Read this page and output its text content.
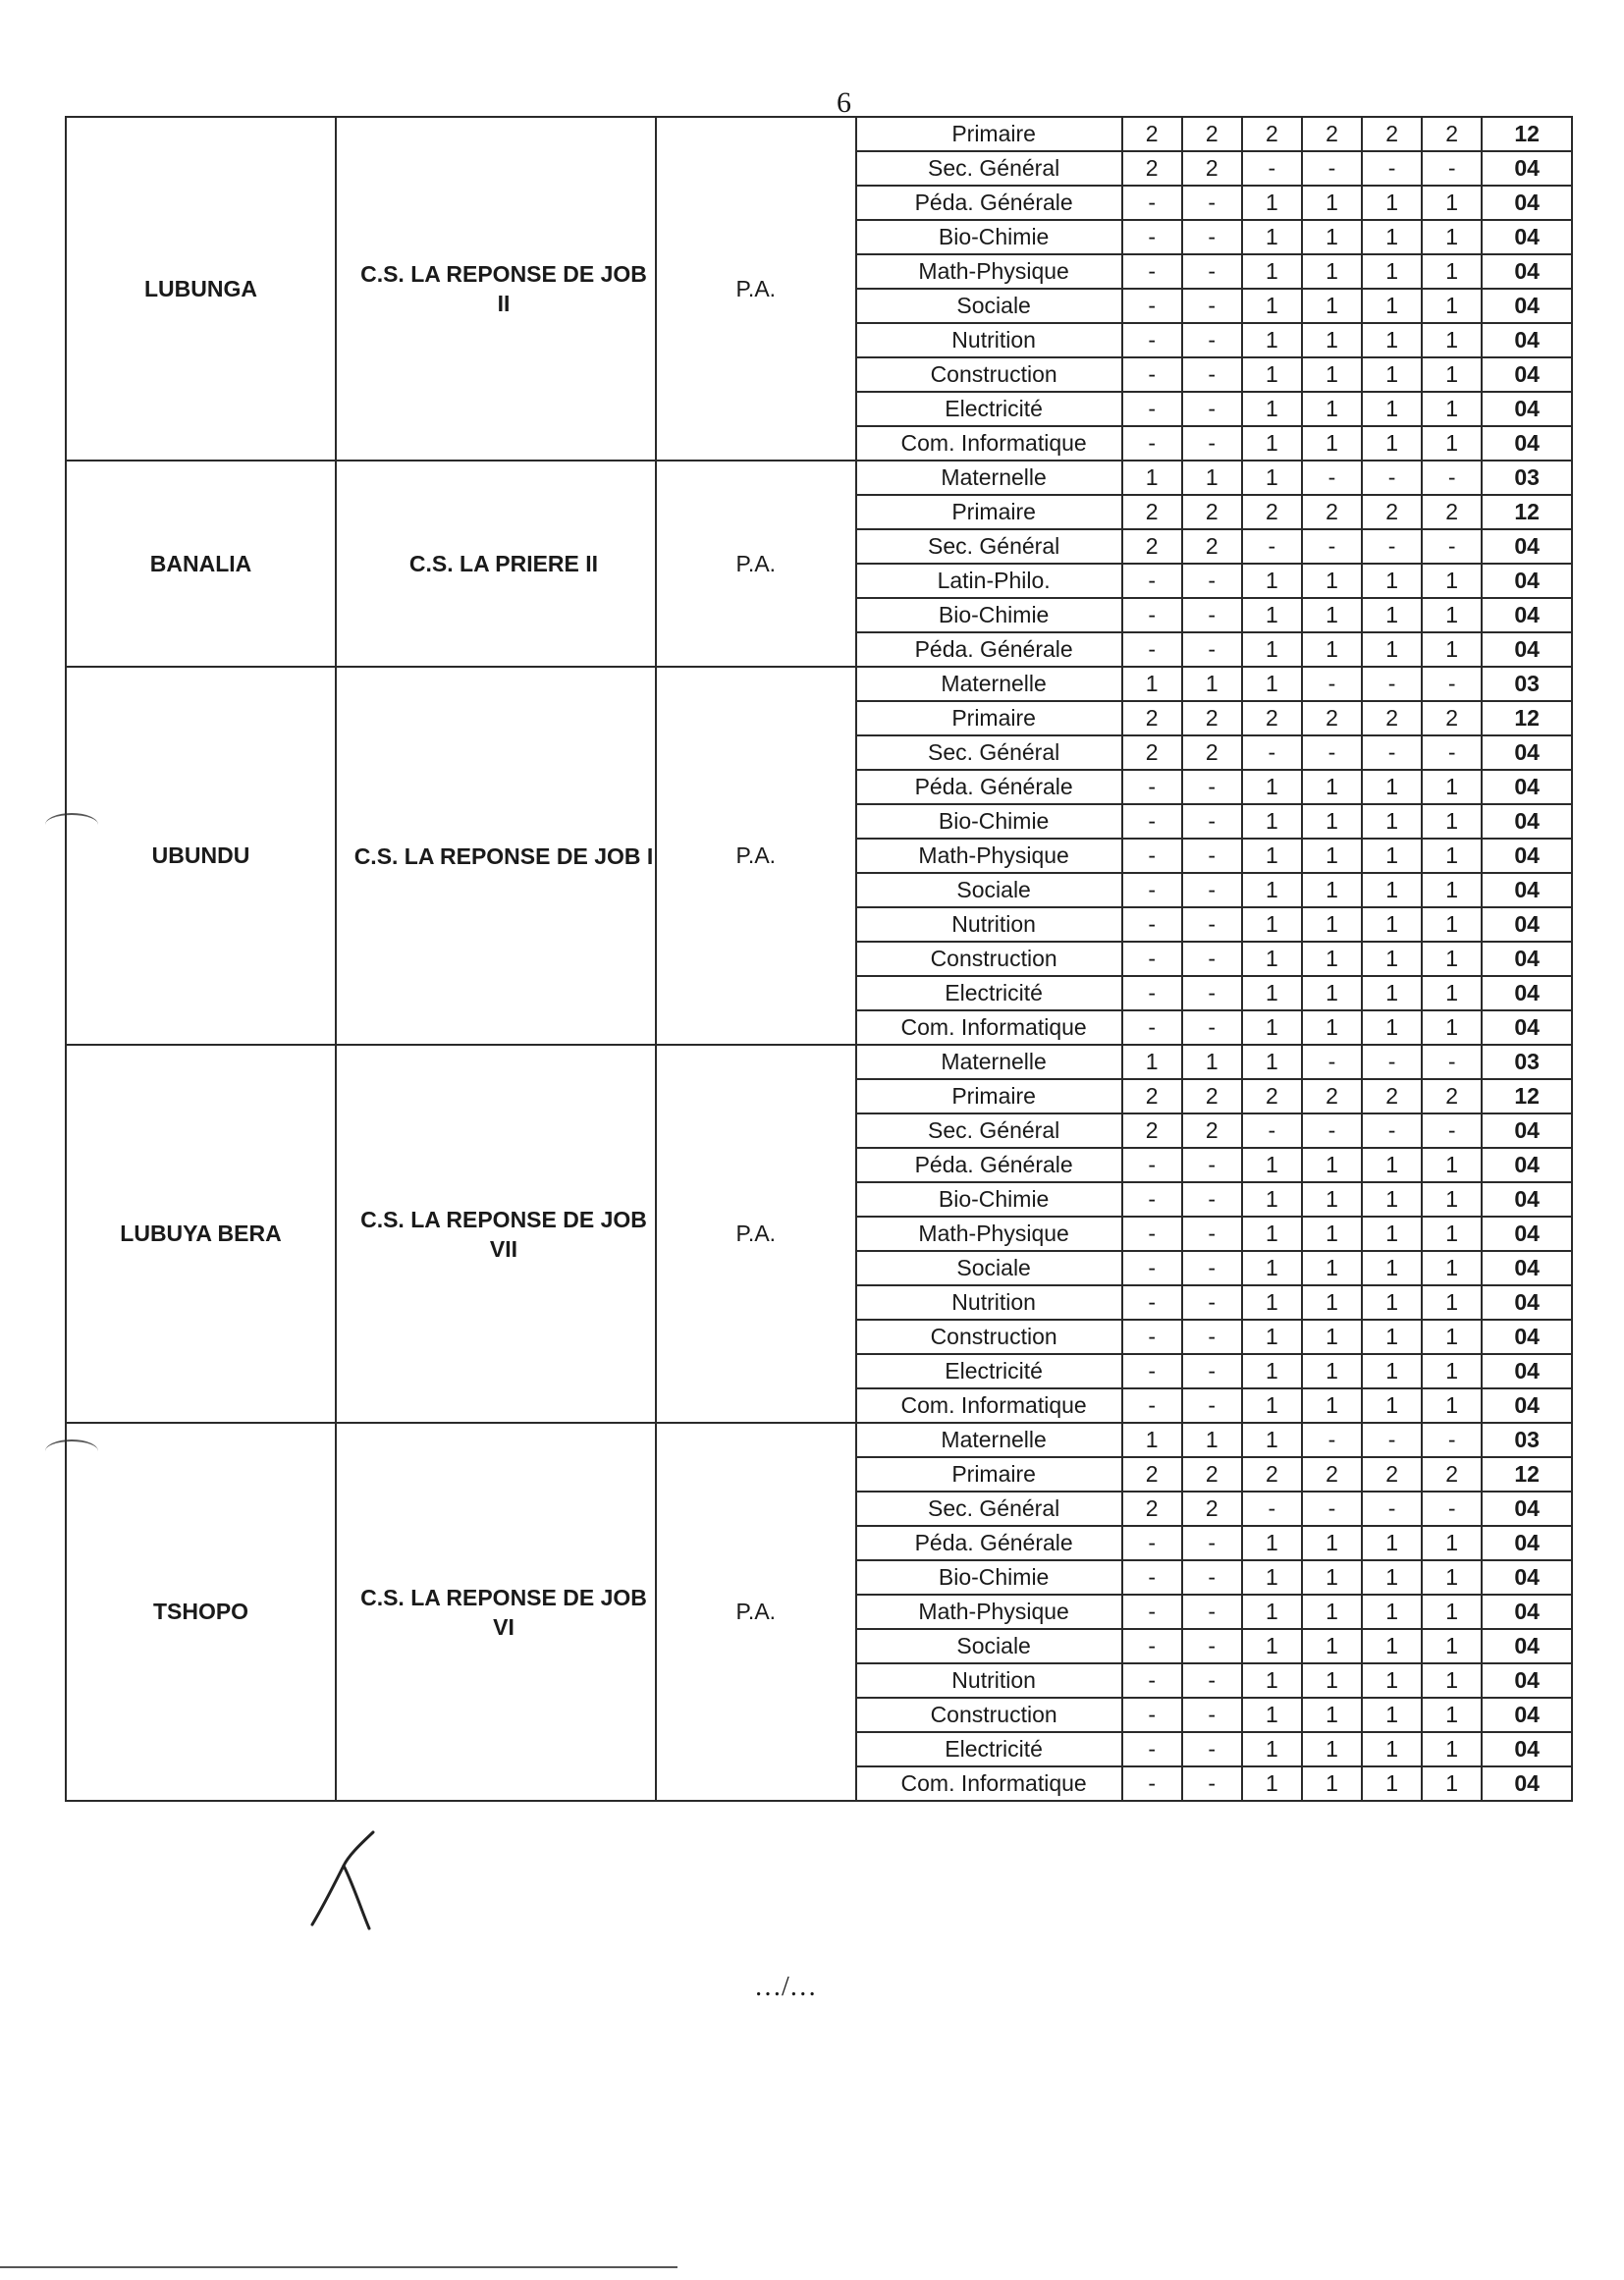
6
LUBUNGA	C.S. LA REPONSE DE JOB II	P.A.	Primaire	2	2	2	2	2	2	12
			Sec. Général	2	2	-	-	-	-	04
			Péda. Générale	-	-	1	1	1	1	04
			Bio-Chimie	-	-	1	1	1	1	04
			Math-Physique	-	-	1	1	1	1	04
			Sociale	-	-	1	1	1	1	04
			Nutrition	-	-	1	1	1	1	04
			Construction	-	-	1	1	1	1	04
			Electricité	-	-	1	1	1	1	04
			Com. Informatique	-	-	1	1	1	1	04
BANALIA	C.S. LA PRIERE II	P.A.	Maternelle	1	1	1	-	-	-	03
			Primaire	2	2	2	2	2	2	12
			Sec. Général	2	2	-	-	-	-	04
			Latin-Philo.	-	-	1	1	1	1	04
			Bio-Chimie	-	-	1	1	1	1	04
			Péda. Générale	-	-	1	1	1	1	04
UBUNDU	C.S. LA REPONSE DE JOB I	P.A.	Maternelle	1	1	1	-	-	-	03
			Primaire	2	2	2	2	2	2	12
			Sec. Général	2	2	-	-	-	-	04
			Péda. Générale	-	-	1	1	1	1	04
			Bio-Chimie	-	-	1	1	1	1	04
			Math-Physique	-	-	1	1	1	1	04
			Sociale	-	-	1	1	1	1	04
			Nutrition	-	-	1	1	1	1	04
			Construction	-	-	1	1	1	1	04
			Electricité	-	-	1	1	1	1	04
			Com. Informatique	-	-	1	1	1	1	04
LUBUYA BERA	C.S. LA REPONSE DE JOB VII	P.A.	Maternelle	1	1	1	-	-	-	03
			Primaire	2	2	2	2	2	2	12
			Sec. Général	2	2	-	-	-	-	04
			Péda. Générale	-	-	1	1	1	1	04
			Bio-Chimie	-	-	1	1	1	1	04
			Math-Physique	-	-	1	1	1	1	04
			Sociale	-	-	1	1	1	1	04
			Nutrition	-	-	1	1	1	1	04
			Construction	-	-	1	1	1	1	04
			Electricité	-	-	1	1	1	1	04
			Com. Informatique	-	-	1	1	1	1	04
TSHOPO	C.S. LA REPONSE DE JOB VI	P.A.	Maternelle	1	1	1	-	-	-	03
			Primaire	2	2	2	2	2	2	12
			Sec. Général	2	2	-	-	-	-	04
			Péda. Générale	-	-	1	1	1	1	04
			Bio-Chimie	-	-	1	1	1	1	04
			Math-Physique	-	-	1	1	1	1	04
			Sociale	-	-	1	1	1	1	04
			Nutrition	-	-	1	1	1	1	04
			Construction	-	-	1	1	1	1	04
			Electricité	-	-	1	1	1	1	04
			Com. Informatique	-	-	1	1	1	1	04
…/…
